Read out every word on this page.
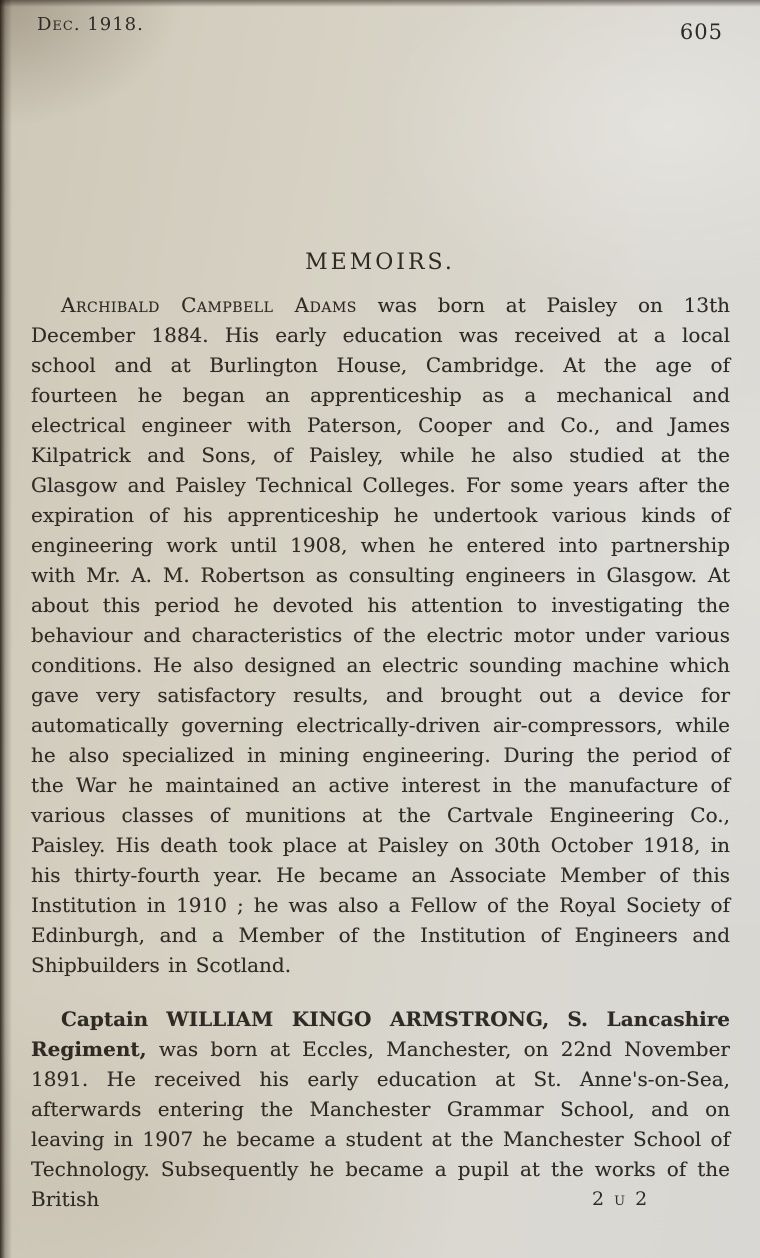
Dec. 1918.	605
MEMOIRS.

Archibald Campbell Adams was born at Paisley on 13th December 1884. His early education was received at a local school and at Burlington House, Cambridge. At the age of fourteen he began an apprenticeship as a mechanical and electrical engineer with Paterson, Cooper and Co., and James Kilpatrick and Sons, of Paisley, while he also studied at the Glasgow and Paisley Technical Colleges. For some years after the expiration of his apprenticeship he undertook various kinds of engineering work until 1908, when he entered into partnership with Mr. A. M. Robertson as consulting engineers in Glasgow. At about this period he devoted his attention to investigating the behaviour and characteristics of the electric motor under various conditions. He also designed an electric sounding machine which gave very satisfactory results, and brought out a device for automatically governing electrically-driven air-compressors, while he also specialized in mining engineering. During the period of the War he maintained an active interest in the manufacture of various classes of munitions at the Cartvale Engineering Co., Paisley. His death took place at Paisley on 30th October 1918, in his thirty-fourth year. He became an Associate Member of this Institution in 1910 ; he was also a Fellow of the Royal Society of Edinburgh, and a Member of the Institution of Engineers and Shipbuilders in Scotland.

Captain WILLIAM KINGO ARMSTRONG, S. Lancashire Regiment, was born at Eccles, Manchester, on 22nd November 1891. He received his early education at St. Anne's-on-Sea, afterwards entering the Manchester Grammar School, and on leaving in 1907 he became a student at the Manchester School of Technology. Subsequently he became a pupil at the works of the British	2 u 2
